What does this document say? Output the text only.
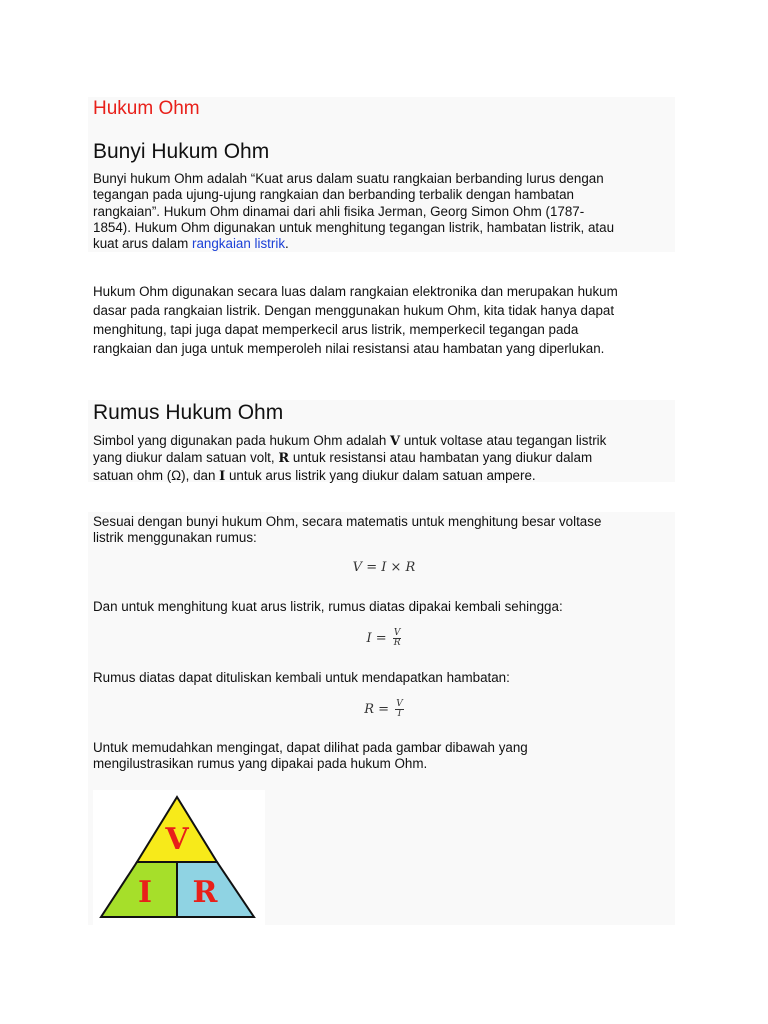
Hukum Ohm
Bunyi Hukum Ohm
Bunyi hukum Ohm adalah “Kuat arus dalam suatu rangkaian berbanding lurus dengan
tegangan pada ujung-ujung rangkaian dan berbanding terbalik dengan hambatan
rangkaian”. Hukum Ohm dinamai dari ahli fisika Jerman, Georg Simon Ohm (1787-
1854). Hukum Ohm digunakan untuk menghitung tegangan listrik, hambatan listrik, atau
kuat arus dalam rangkaian listrik.
Hukum Ohm digunakan secara luas dalam rangkaian elektronika dan merupakan hukum
dasar pada rangkaian listrik. Dengan menggunakan hukum Ohm, kita tidak hanya dapat
menghitung, tapi juga dapat memperkecil arus listrik, memperkecil tegangan pada
rangkaian dan juga untuk memperoleh nilai resistansi atau hambatan yang diperlukan.
Rumus Hukum Ohm
Simbol yang digunakan pada hukum Ohm adalah V untuk voltase atau tegangan listrik
yang diukur dalam satuan volt, R untuk resistansi atau hambatan yang diukur dalam
satuan ohm (Ω), dan I untuk arus listrik yang diukur dalam satuan ampere.
Sesuai dengan bunyi hukum Ohm, secara matematis untuk menghitung besar voltase
listrik menggunakan rumus:
V = I × R
Dan untuk menghitung kuat arus listrik, rumus diatas dipakai kembali sehingga:
$I = \frac{V}{R}$
Rumus diatas dapat dituliskan kembali untuk mendapatkan hambatan:
$R = \frac{V}{I}$
Untuk memudahkan mengingat, dapat dilihat pada gambar dibawah yang
mengilustrasikan rumus yang dipakai pada hukum Ohm.
V
I R
